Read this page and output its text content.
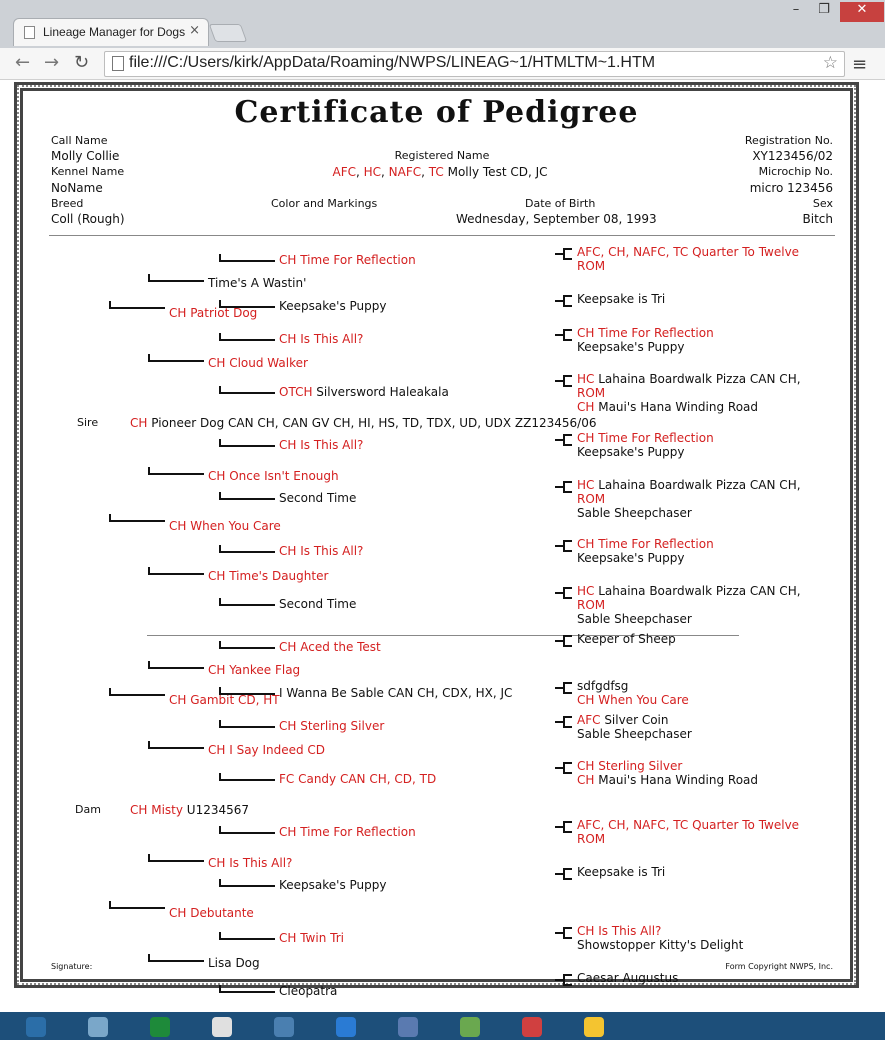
Lineage Manager for Dogs ×
–	❐	✕
← → ↻ file:///C:/Users/kirk/AppData/Roaming/NWPS/LINEAG~1/HTMLTM~1.HTM	☆ ≡
Certificate of Pedigree
Call Name
Molly Collie
Kennel Name
NoName
Breed
Coll (Rough)
Registered Name
AFC, HC, NAFC, TC Molly Test CD, JC
Color and Markings	Date of Birth
Wednesday, September 08, 1993
Registration No.
XY123456/02
Microchip No.
micro 123456
Sex
Bitch
Sire
Dam
CH Pioneer Dog CAN CH, CAN GV CH, HI, HS, TD, TDX, UD, UDX ZZ123456/06
CH Patriot Dog
CH When You Care
Time's A Wastin'
CH Cloud Walker
CH Once Isn't Enough
CH Time's Daughter
CH Time For Reflection
Keepsake's Puppy
CH Is This All?
OTCH Silversword Haleakala
CH Is This All?
Second Time
CH Is This All?
Second Time
AFC, CH, NAFC, TC Quarter To Twelve
ROM
Keepsake is Tri
CH Time For Reflection
Keepsake's Puppy
HC Lahaina Boardwalk Pizza CAN CH,
ROM
CH Maui's Hana Winding Road
CH Time For Reflection
Keepsake's Puppy
HC Lahaina Boardwalk Pizza CAN CH,
ROM
Sable Sheepchaser
CH Time For Reflection
Keepsake's Puppy
HC Lahaina Boardwalk Pizza CAN CH,
ROM
Sable Sheepchaser
CH Misty U1234567
CH Gambit CD, HT
CH Debutante
CH Yankee Flag
CH I Say Indeed CD
CH Is This All?
Lisa Dog
CH Aced the Test
I Wanna Be Sable CAN CH, CDX, HX, JC
CH Sterling Silver
FC Candy CAN CH, CD, TD
CH Time For Reflection
Keepsake's Puppy
CH Twin Tri
Cleopatra
Keeper of Sheep
sdfgdfsg
CH When You Care
AFC Silver Coin
Sable Sheepchaser
CH Sterling Silver
CH Maui's Hana Winding Road
AFC, CH, NAFC, TC Quarter To Twelve
ROM
Keepsake is Tri
CH Is This All?
Showstopper Kitty's Delight
Caesar Augustus
Signature:	Form Copyright NWPS, Inc.
